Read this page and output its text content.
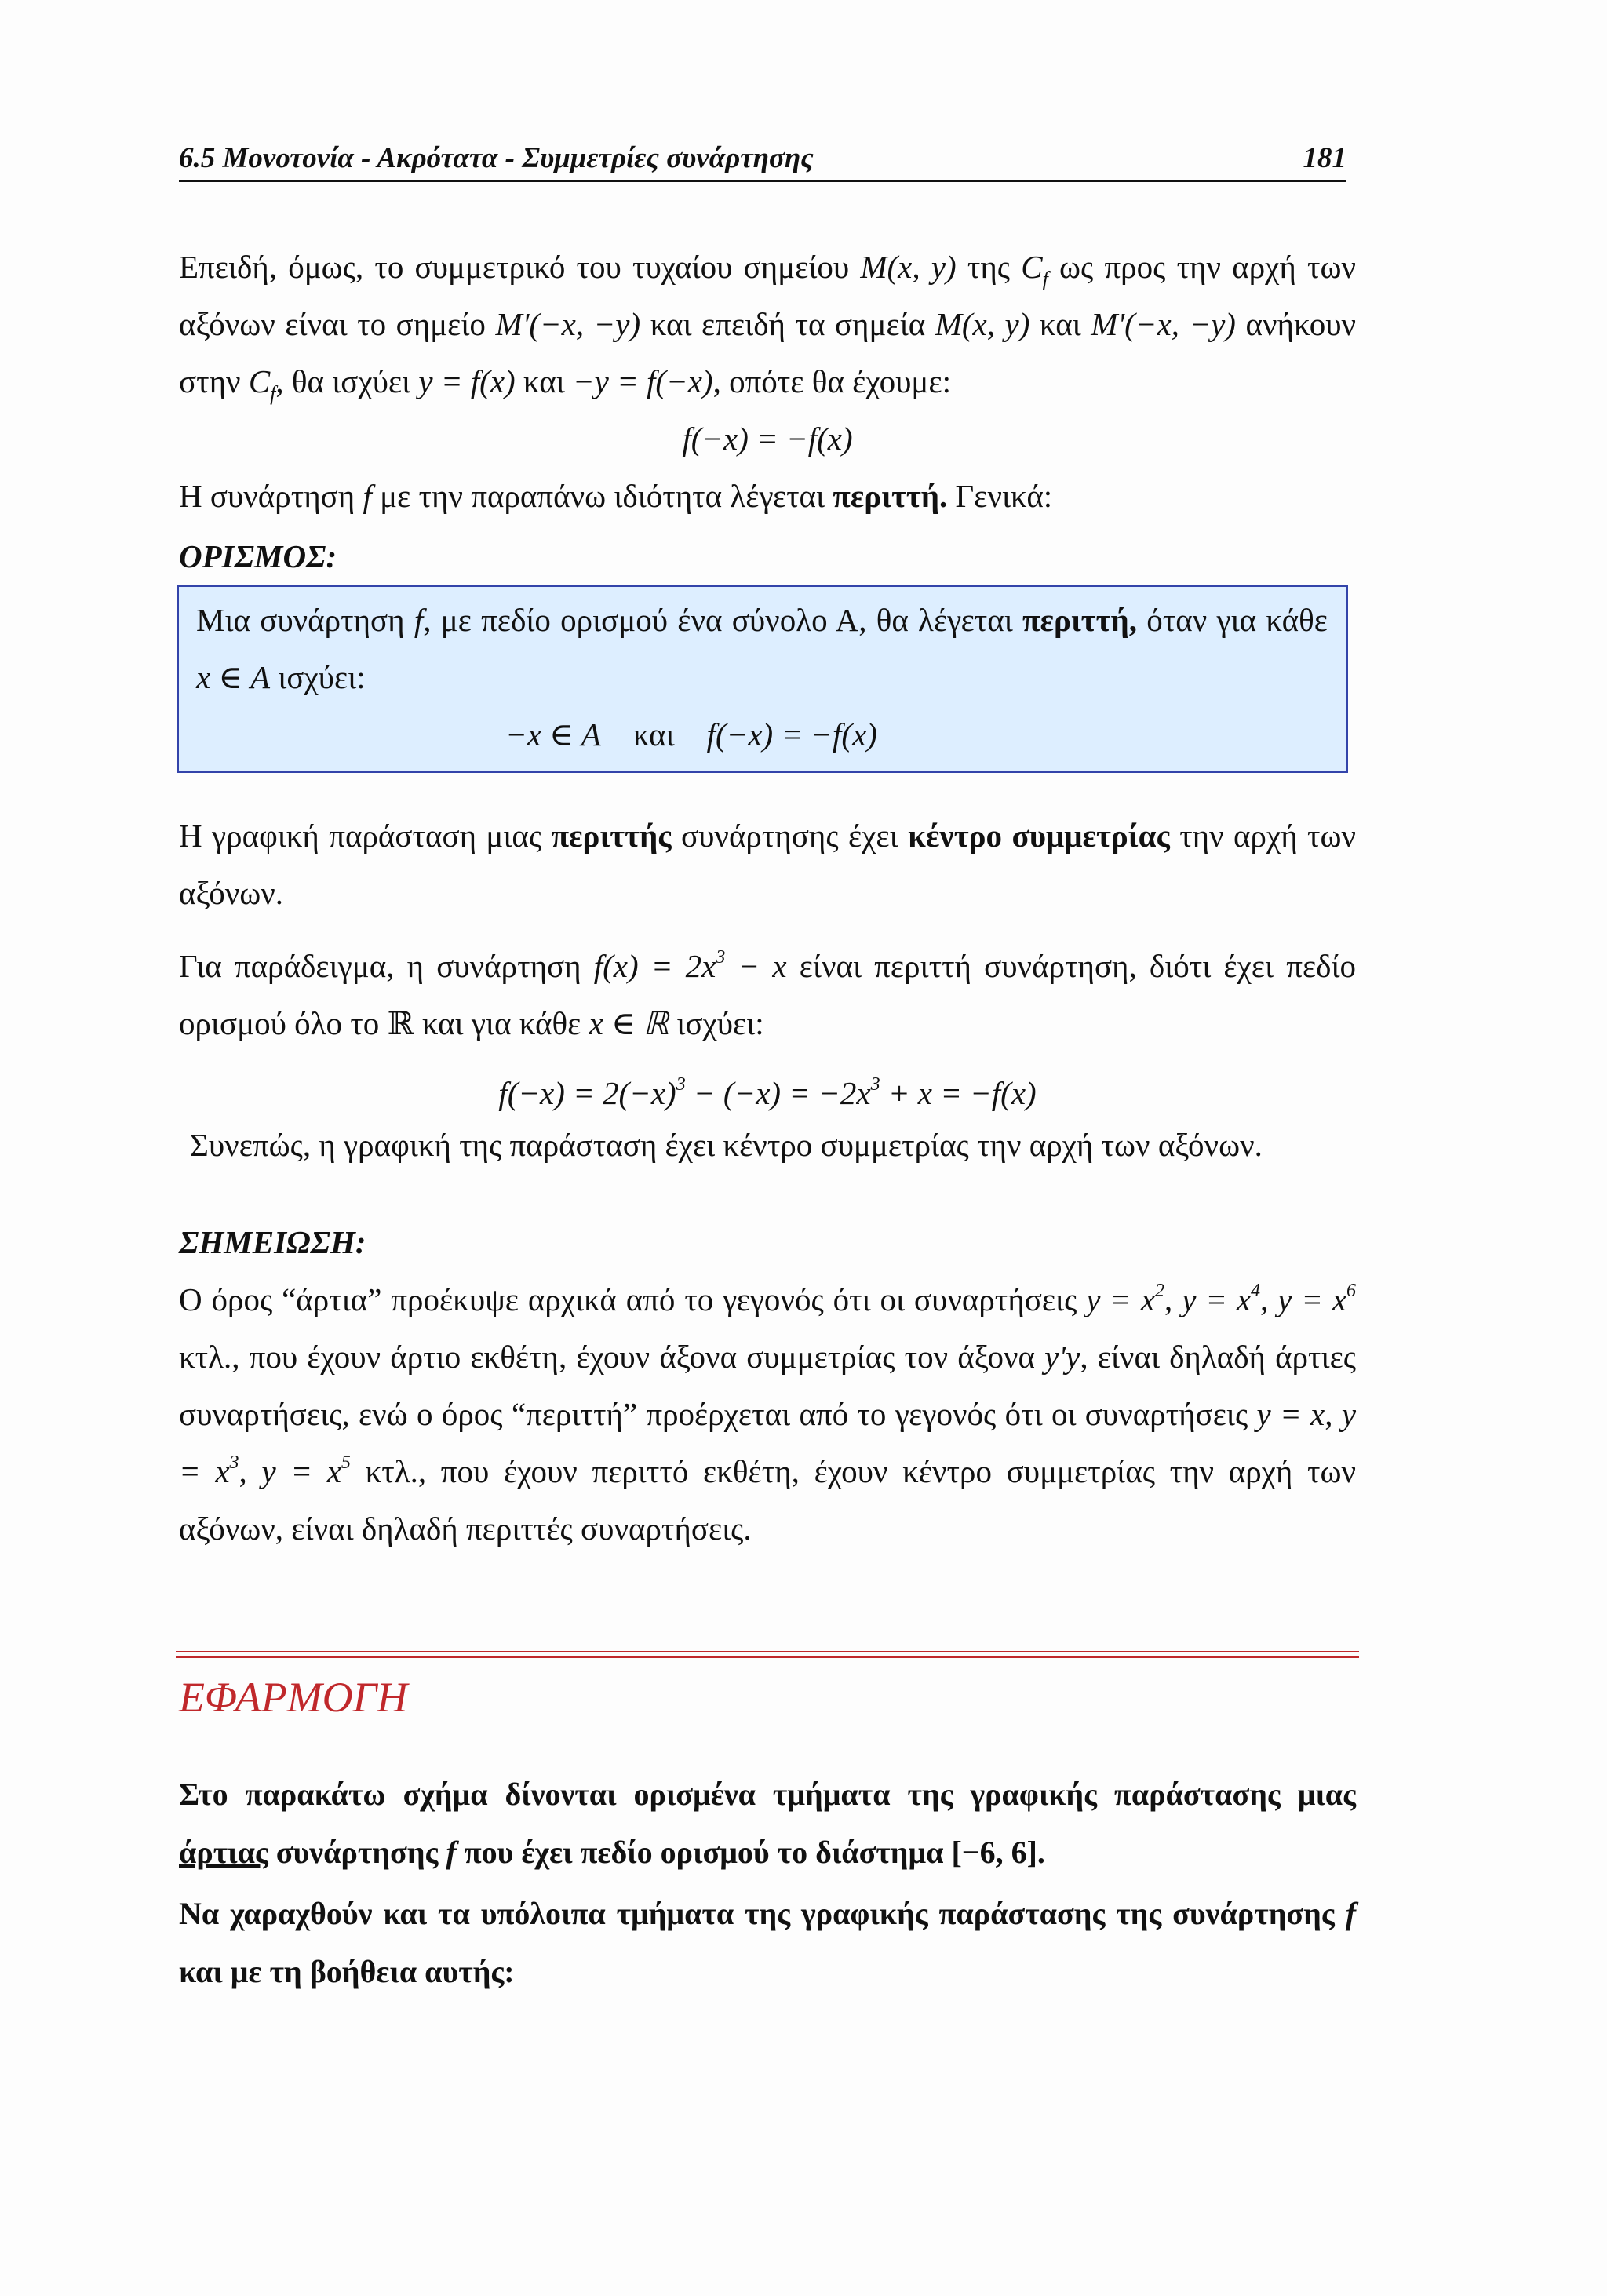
6.5 Μονοτονία - Ακρότατα - Συμμετρίες συνάρτησης	181

Επειδή, όμως, το συμμετρικό του τυχαίου σημείου M(x, y) της $C_f$ ως προς την αρχή των αξόνων είναι το σημείο M'(−x, −y) και επειδή τα σημεία M(x, y) και M'(−x, −y) ανήκουν στην $C_f$, θα ισχύει y = f(x) και −y = f(−x), οπότε θα έχουμε:

f(−x) = −f(x)

Η συνάρτηση f με την παραπάνω ιδιότητα λέγεται περιττή. Γενικά:

ΟΡΙΣΜΟΣ:

Μια συνάρτηση f, με πεδίο ορισμού ένα σύνολο Α, θα λέγεται περιττή, όταν για κάθε x ∈ Α ισχύει:

−x ∈ Α και f(−x) = −f(x)

Η γραφική παράσταση μιας περιττής συνάρτησης έχει κέντρο συμμετρίας την αρχή των αξόνων.

Για παράδειγμα, η συνάρτηση $f(x) = 2x^3 - x$ είναι περιττή συνάρτηση, διότι έχει πεδίο ορισμού όλο το ℝ και για κάθε x ∈ ℝ ισχύει:

$f(-x) = 2(-x)^3 - (-x) = -2x^3 + x = -f(x)$

Συνεπώς, η γραφική της παράσταση έχει κέντρο συμμετρίας την αρχή των αξόνων.

ΣΗΜΕΙΩΣΗ:

Ο όρος “άρτια” προέκυψε αρχικά από το γεγονός ότι οι συναρτήσεις $y = x^2$, $y = x^4$, $y = x^6$ κτλ., που έχουν άρτιο εκθέτη, έχουν άξονα συμμετρίας τον άξονα y'y, είναι δηλαδή άρτιες συναρτήσεις, ενώ ο όρος “περιττή” προέρχεται από το γεγονός ότι οι συναρτήσεις y = x, $y = x^3$, $y = x^5$ κτλ., που έχουν περιττό εκθέτη, έχουν κέντρο συμμετρίας την αρχή των αξόνων, είναι δηλαδή περιττές συναρτήσεις.

ΕΦΑΡΜΟΓΗ

Στο παρακάτω σχήμα δίνονται ορισμένα τμήματα της γραφικής παράστασης μιας άρτιας συνάρτησης f που έχει πεδίο ορισμού το διάστημα [−6, 6].

Να χαραχθούν και τα υπόλοιπα τμήματα της γραφικής παράστασης της συνάρτησης f και με τη βοήθεια αυτής:
